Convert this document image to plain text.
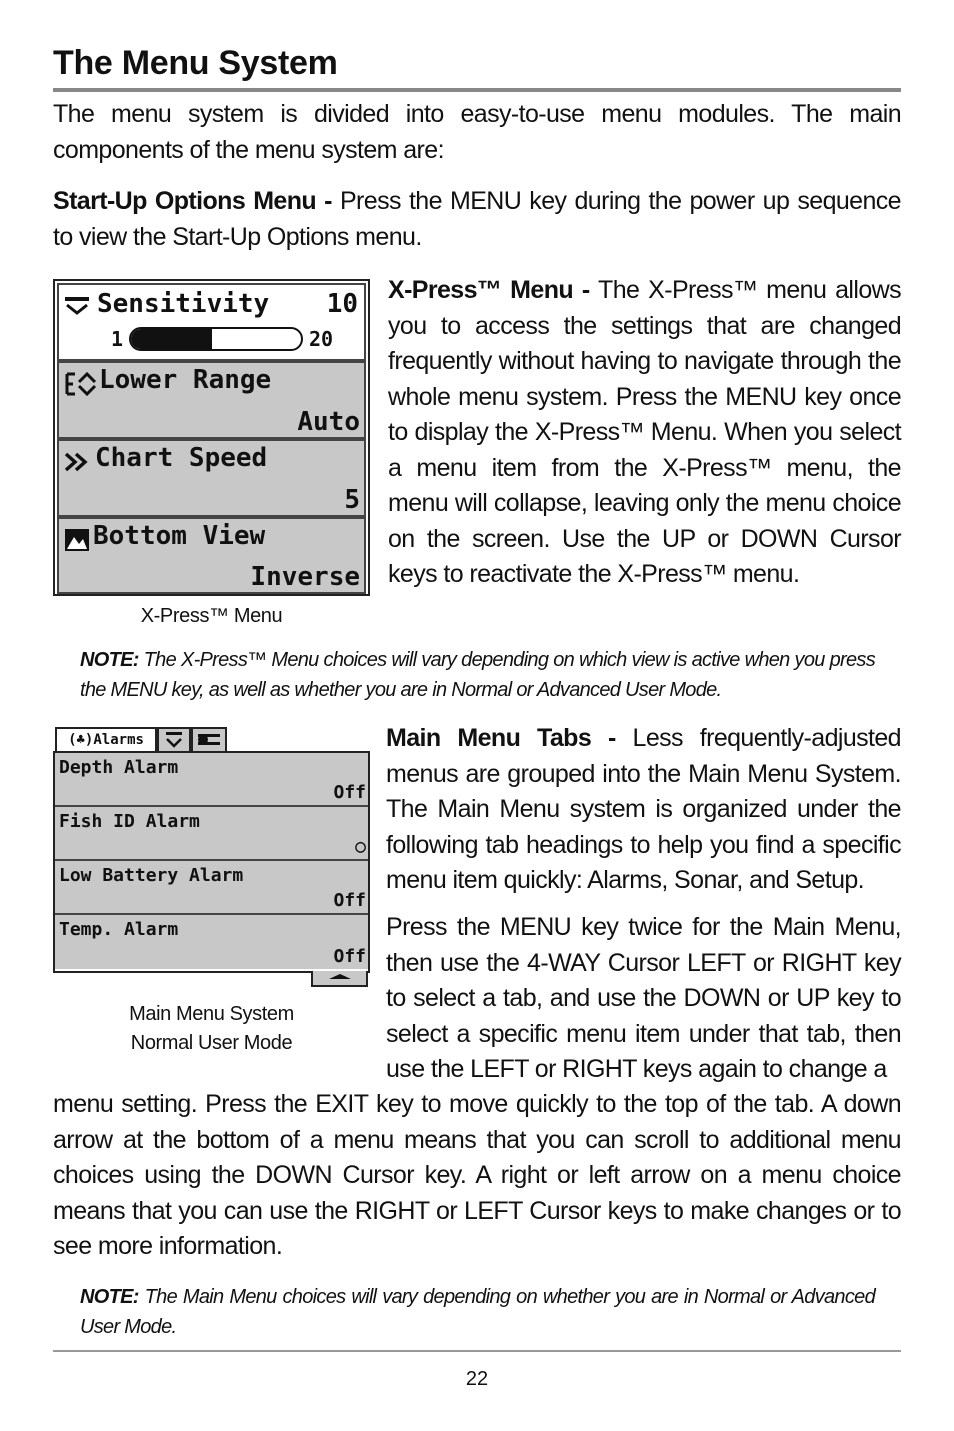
The Menu System

The menu system is divided into easy-to-use menu modules. The main components of the menu system are:

Start-Up Options Menu - Press the MENU key during the power up sequence to view the Start-Up Options menu.

Sensitivity 10
1	20
Lower Range
Auto
Chart Speed
5
Bottom View
Inverse
X-Press™ Menu

X-Press™ Menu - The X-Press™ menu allows you to access the settings that are changed frequently without having to navigate through the whole menu system. Press the MENU key once to display the X-Press™ Menu. When you select a menu item from the X-Press™ menu, the menu will collapse, leaving only the menu choice on the screen. Use the UP or DOWN Cursor keys to reactivate the X-Press™ menu.

NOTE: The X-Press™ Menu choices will vary depending on which view is active when you press the MENU key, as well as whether you are in Normal or Advanced User Mode.

(♣)Alarms
Depth Alarm
Off
Fish ID Alarm
○
Low Battery Alarm
Off
Temp. Alarm
Off
Main Menu System
Normal User Mode

Main Menu Tabs - Less frequently-adjusted menus are grouped into the Main Menu System. The Main Menu system is organized under the following tab headings to help you find a specific menu item quickly: Alarms, Sonar, and Setup.

Press the MENU key twice for the Main Menu, then use the 4-WAY Cursor LEFT or RIGHT key to select a tab, and use the DOWN or UP key to select a specific menu item under that tab, then use the LEFT or RIGHT keys again to change a

menu setting. Press the EXIT key to move quickly to the top of the tab. A down arrow at the bottom of a menu means that you can scroll to additional menu choices using the DOWN Cursor key. A right or left arrow on a menu choice means that you can use the RIGHT or LEFT Cursor keys to make changes or to see more information.

NOTE: The Main Menu choices will vary depending on whether you are in Normal or Advanced User Mode.

22
